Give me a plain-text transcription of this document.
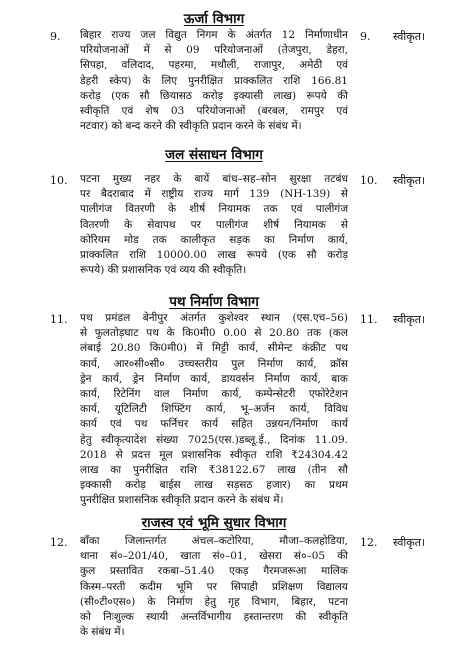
ऊर्जा विभाग
9. बिहार राज्य जल विद्युत निगम के अंतर्गत 12 निर्माणाधीन
परियोजनाओं में से 09 परियोजनाओं (तेजपुरा, डेहरा,
सिपहा, वलिदाद, पहरमा, मथौली, राजापुर, अमेठी एवं
डेहरी स्केप) के लिए पुनरीक्षित प्राक्कलित राशि 166.81
करोड़ (एक सौ छियासठ करोड़ इक्यासी लाख) रूपये की
स्वीकृति एवं शेष 03 परियोजनाओं (बरबल, रामपुर एवं
नटवार) को बन्द करने की स्वीकृति प्रदान करने के संबंध में।
9. स्वीकृत।
जल संसाधन विभाग
10. पटना मुख्य नहर के बायें बांध–सह–सोन सुरक्षा तटबंध
पर बैदराबाद में राष्ट्रीय राज्य मार्ग 139 (NH-139) से
पालीगंज वितरणी के शीर्ष नियामक तक एवं पालीगंज
वितरणी के सेवापथ पर पालीगंज शीर्ष नियामक से
कोरियम मोड तक कालीकृत सड़क का निर्माण कार्य,
प्राक्कलित राशि 10000.00 लाख रूपये (एक सौ करोड़
रूपये) की प्रशासनिक एवं व्यय की स्वीकृति।
10. स्वीकृत।
पथ निर्माण विभाग
11. पथ प्रमंडल बेनीपुर अंतर्गत कुशेश्वर स्थान (एस.एच–56)
से फुलतोड़घाट पथ के कि0मी0 0.00 से 20.80 तक (कल
लंबाई 20.80 कि0मी0) में मिट्टी कार्य, सीमेन्ट कंक्रीट पथ
कार्य, आर०सी०सी० उच्चस्तरीय पुल निर्माण कार्य, क्रॉस
ड्रेन कार्य, ड्रेन निर्माण कार्य, डायवर्सन निर्माण कार्य, बाक
कार्य, रिटेनिंग वाल निर्माण कार्य, कम्पेन्सेटरी एफोरेटेशन
कार्य, यूटिलिटी शिफ्टिंग कार्य, भू–अर्जन कार्य, विविध
कार्य एवं पथ फर्निचर कार्य सहित उन्नयन/निर्माण कार्य
हेतु स्वीकृत्यादेश संख्या 7025(एस.)डब्लू.ई., दिनांक 11.09.
2018 से प्रदत्त मूल प्रशासनिक स्वीकृत राशि ₹24304.42
लाख का पुनरीक्षित राशि ₹38122.67 लाख (तीन सौ
इक्कासी करोड़ बाईस लाख सड़सठ हजार) का प्रथम
पुनरीक्षित प्रशासनिक स्वीकृति प्रदान करने के संबंध में।
11. स्वीकृत।
राजस्व एवं भूमि सुधार विभाग
12. बाँका जिलान्तर्गत अंचल–कटोरिया, मौजा–कलहोडिया,
थाना सं०–201/40, खाता सं०–01, खेसरा सं०–05 की
कुल प्रस्तावित रकबा–51.40 एकड़ गैरमजरूआ मालिक
किस्म–परती कदीम भूमि पर सिपाही प्रशिक्षण विद्यालय
(सी०टी०एस०) के निर्माण हेतु गृह विभाग, बिहार, पटना
को निःशुल्क स्थायी अन्तर्विभागीय हस्तान्तरण की स्वीकृति
के संबंध में।
12. स्वीकृत।
